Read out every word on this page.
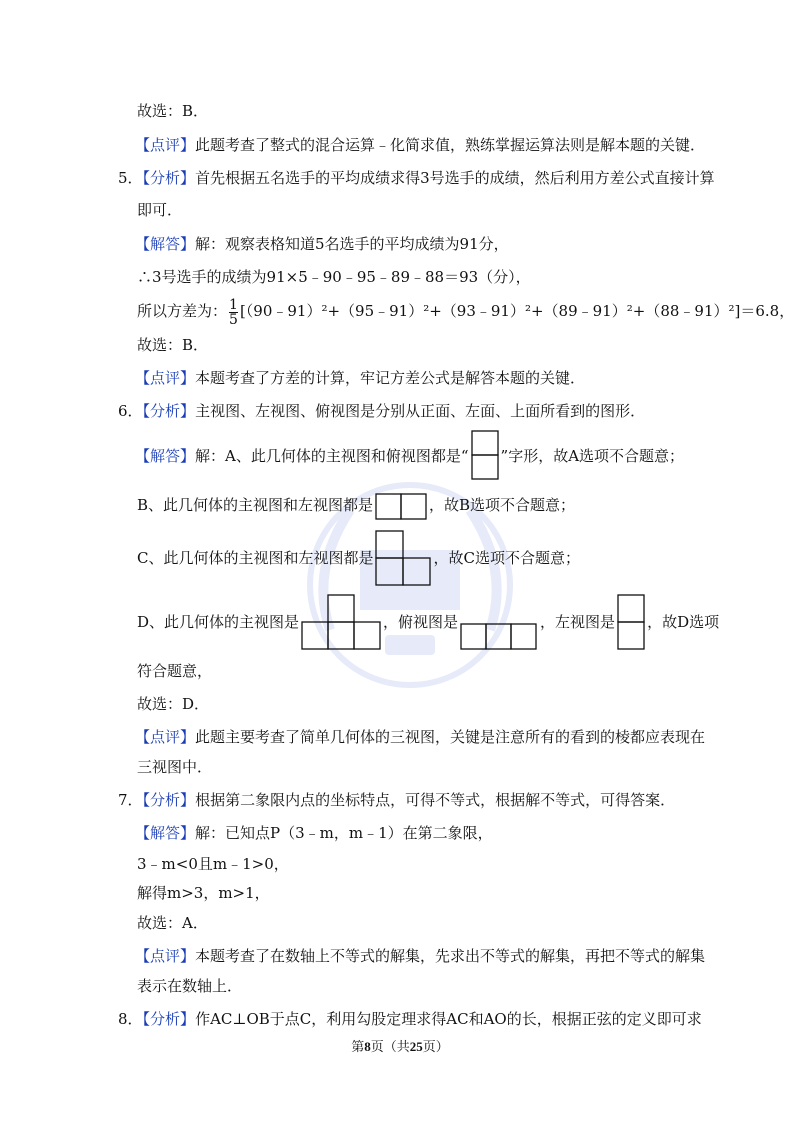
故选：B．
【点评】此题考查了整式的混合运算﹣化简求值，熟练掌握运算法则是解本题的关键．
5．【分析】首先根据五名选手的平均成绩求得3号选手的成绩，然后利用方差公式直接计算
即可．
【解答】解：观察表格知道5名选手的平均成绩为91分，
∴3号选手的成绩为91×5﹣90﹣95﹣89﹣88＝93（分），
所以方差为： $\frac{1}{5}$ [（90﹣91）²+（95﹣91）²+（93﹣91）²+（89﹣91）²+（88﹣91）²]＝6.8，
故选：B．
【点评】本题考查了方差的计算，牢记方差公式是解答本题的关键．
6．【分析】主视图、左视图、俯视图是分别从正面、左面、上面所看到的图形．
【解答】解：A、此几何体的主视图和俯视图都是“ ”字形，故A选项不合题意；
B、此几何体的主视图和左视图都是	，故B选项不合题意；
C、此几何体的主视图和左视图都是	，故C选项不合题意；
D、此几何体的主视图是	，俯视图是	，左视图是 ，故D选项
符合题意，
故选：D．
【点评】此题主要考查了简单几何体的三视图，关键是注意所有的看到的棱都应表现在
三视图中．
7．【分析】根据第二象限内点的坐标特点，可得不等式，根据解不等式，可得答案．
【解答】解：已知点P（3﹣m，m﹣1）在第二象限，
3﹣m<0且m﹣1>0，
解得m>3，m>1，
故选：A．
【点评】本题考查了在数轴上不等式的解集，先求出不等式的解集，再把不等式的解集
表示在数轴上．
8．【分析】作AC⊥OB于点C，利用勾股定理求得AC和AO的长，根据正弦的定义即可求
第8页（共25页）
